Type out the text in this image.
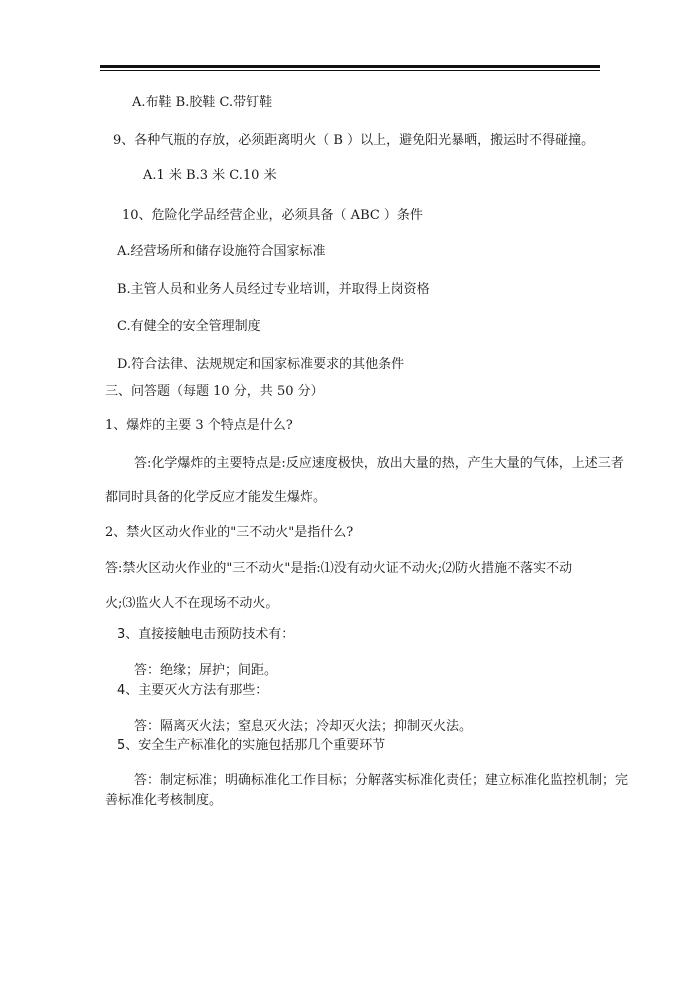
A.布鞋 B.胶鞋 C.带钉鞋
9、各种气瓶的存放，必须距离明火（ B ）以上，避免阳光暴晒，搬运时不得碰撞。
A.1 米 B.3 米 C.10 米
10、危险化学品经营企业，必须具备（ ABC ）条件
A.经营场所和储存设施符合国家标准
B.主管人员和业务人员经过专业培训，并取得上岗资格
C.有健全的安全管理制度
D.符合法律、法规规定和国家标准要求的其他条件
三、问答题（每题 10 分，共 50 分）
1、爆炸的主要 3 个特点是什么?
答:化学爆炸的主要特点是:反应速度极快，放出大量的热，产生大量的气体，上述三者
都同时具备的化学反应才能发生爆炸。
2、禁火区动火作业的"三不动火"是指什么?
答:禁火区动火作业的"三不动火"是指:⑴没有动火证不动火;⑵防火措施不落实不动
火;⑶监火人不在现场不动火。
3、直接接触电击预防技术有：
答：绝缘；屏护；间距。
4、主要灭火方法有那些：
答：隔离灭火法；窒息灭火法；冷却灭火法；抑制灭火法。
5、安全生产标准化的实施包括那几个重要环节
答：制定标准；明确标准化工作目标；分解落实标准化责任；建立标准化监控机制；完
善标准化考核制度。
